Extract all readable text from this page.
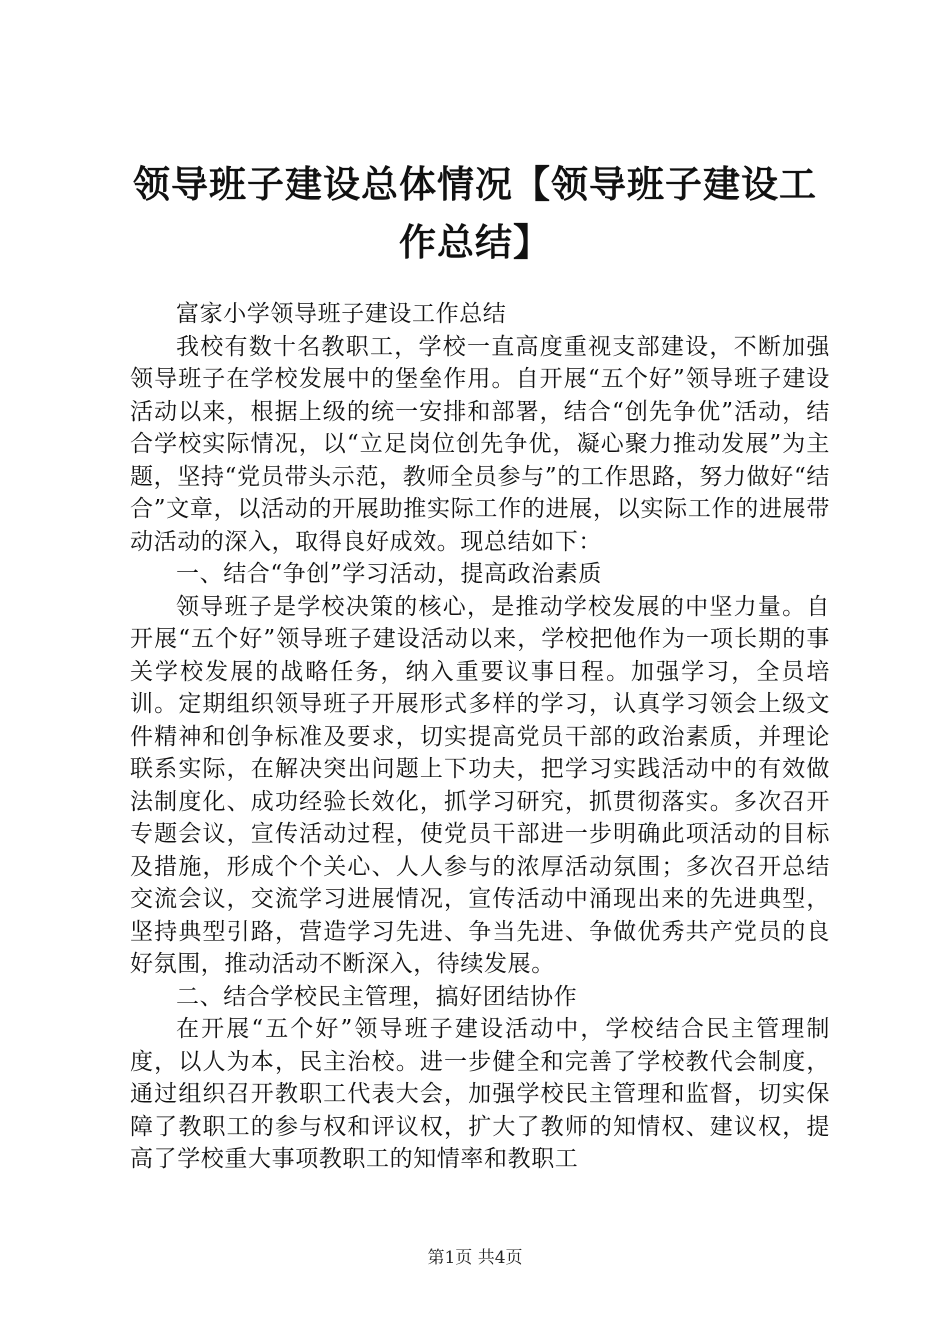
领导班子建设总体情况【领导班子建设工作总结】

富家小学领导班子建设工作总结

我校有数十名教职工，学校一直高度重视支部建设，不断加强领导班子在学校发展中的堡垒作用。自开展“五个好”领导班子建设活动以来，根据上级的统一安排和部署，结合“创先争优”活动，结合学校实际情况，以“立足岗位创先争优，凝心聚力推动发展”为主题，坚持“党员带头示范，教师全员参与”的工作思路，努力做好“结合”文章，以活动的开展助推实际工作的进展，以实际工作的进展带动活动的深入，取得良好成效。现总结如下：

一、结合“争创”学习活动，提高政治素质

领导班子是学校决策的核心，是推动学校发展的中坚力量。自开展“五个好”领导班子建设活动以来，学校把他作为一项长期的事关学校发展的战略任务，纳入重要议事日程。加强学习，全员培训。定期组织领导班子开展形式多样的学习，认真学习领会上级文件精神和创争标准及要求，切实提高党员干部的政治素质，并理论联系实际，在解决突出问题上下功夫，把学习实践活动中的有效做法制度化、成功经验长效化，抓学习研究，抓贯彻落实。多次召开专题会议，宣传活动过程，使党员干部进一步明确此项活动的目标及措施，形成个个关心、人人参与的浓厚活动氛围；多次召开总结交流会议，交流学习进展情况，宣传活动中涌现出来的先进典型，坚持典型引路，营造学习先进、争当先进、争做优秀共产党员的良好氛围，推动活动不断深入，待续发展。

二、结合学校民主管理，搞好团结协作

在开展“五个好”领导班子建设活动中，学校结合民主管理制度，以人为本，民主治校。进一步健全和完善了学校教代会制度，通过组织召开教职工代表大会，加强学校民主管理和监督，切实保障了教职工的参与权和评议权，扩大了教师的知情权、建议权，提高了学校重大事项教职工的知情率和教职工

第1页 共4页
